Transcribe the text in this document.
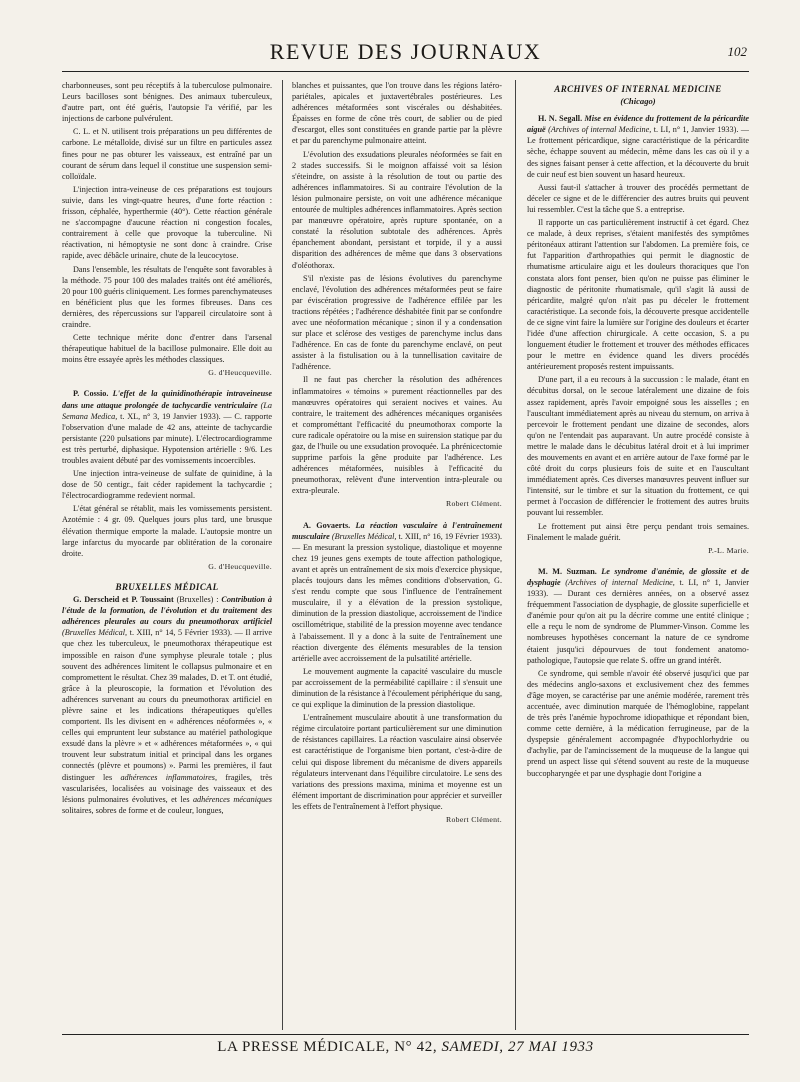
REVUE DES JOURNAUX	102

charbonneuses, sont peu réceptifs à la tuberculose pulmonaire. Leurs bacilloses sont bénignes. Des animaux tuberculeux, d'autre part, ont été guéris, l'autopsie l'a vérifié, par les injections de carbone pulvérulent.

C. L. et N. utilisent trois préparations un peu différentes de carbone. Le métalloïde, divisé sur un filtre en particules assez fines pour ne pas obturer les vaisseaux, est entraîné par un courant de sérum dans lequel il constitue une suspension semi-colloïdale.

L'injection intra-veineuse de ces préparations est toujours suivie, dans les vingt-quatre heures, d'une forte réaction : frisson, céphalée, hyperthermie (40°). Cette réaction générale ne s'accompagne d'aucune réaction ni congestion focales, contrairement à celle que provoque la tuberculine. Ni réactivation, ni hémoptysie ne sont donc à craindre. Crise rapide, avec débâcle urinaire, chute de la leucocytose.

Dans l'ensemble, les résultats de l'enquête sont favorables à la méthode. 75 pour 100 des malades traités ont été améliorés, 20 pour 100 guéris cliniquement. Les formes parenchymateuses en bénéficient plus que les formes fibreuses. Dans ces dernières, des répercussions sur l'appareil circulatoire sont à craindre.

Cette technique mérite donc d'entrer dans l'arsenal thérapeutique habituel de la bacillose pulmonaire. Elle doit au moins être essayée après les méthodes classiques.

G. d'Heucqueville.

P. Cossio. L'effet de la quinidinothérapie intraveineuse dans une attaque prolongée de tachycardie ventriculaire (La Semana Medica, t. XL, n° 3, 19 Janvier 1933). — C. rapporte l'observation d'une malade de 42 ans, atteinte de tachycardie persistante (220 pulsations par minute). L'électrocardiogramme est très perturbé, diphasique. Hypotension artérielle : 9/6. Les troubles avaient débuté par des vomissements incoercibles.

Une injection intra-veineuse de sulfate de quinidine, à la dose de 50 centigr., fait céder rapidement la tachycardie ; l'électrocardiogramme redevient normal.

L'état général se rétablit, mais les vomissements persistent. Azotémie : 4 gr. 09. Quelques jours plus tard, une brusque élévation thermique emporte la malade. L'autopsie montre un large infarctus du myocarde par oblitération de la coronaire droite.

G. d'Heucqueville.
BRUXELLES MÉDICAL

G. Derscheid et P. Toussaint (Bruxelles) : Contribution à l'étude de la formation, de l'évolution et du traitement des adhérences pleurales au cours du pneumothorax artificiel (Bruxelles Médical, t. XIII, n° 14, 5 Février 1933). — Il arrive que chez les tuberculeux, le pneumothorax thérapeutique est impossible en raison d'une symphyse pleurale totale ; plus souvent des adhérences limitent le collapsus pulmonaire et en compromettent le résultat. Chez 39 malades, D. et T. ont étudié, grâce à la pleuroscopie, la formation et l'évolution des adhérences survenant au cours du pneumothorax artificiel en plèvre saine et les indications thérapeutiques qu'elles comportent. Ils les divisent en « adhérences néoformées », « celles qui empruntent leur substance au matériel pathologique exsudé dans la plèvre » et « adhérences métaformées », « qui trouvent leur substratum initial et principal dans les organes connectés (plèvre et poumons) ». Parmi les premières, il faut distinguer les adhérences inflammatoires, fragiles, très vascularisées, localisées au voisinage des vaisseaux et des lésions pulmonaires évolutives, et les adhérences mécaniques solitaires, sobres de forme et de couleur, longues,

blanches et puissantes, que l'on trouve dans les régions latéro-pariétales, apicales et juxtavertébrales postérieures. Les adhérences métaformées sont viscérales ou déshabitées. Épaisses en forme de cône très court, de sablier ou de pied d'escargot, elles sont constituées en grande partie par la plèvre et par du parenchyme pulmonaire atteint.

L'évolution des exsudations pleurales néoformées se fait en 2 stades successifs. Si le moignon affaissé voit sa lésion s'éteindre, on assiste à la résolution de tout ou partie des adhérences inflammatoires. Si au contraire l'évolution de la lésion pulmonaire persiste, on voit une adhérence mécanique entourée de multiples adhérences inflammatoires. Après section par manœuvre opératoire, après rupture spontanée, on a constaté la résolution subtotale des adhérences. Après épanchement abondant, persistant et torpide, il y a aussi disparition des adhérences de même que dans 3 observations d'oléothorax.

S'il n'existe pas de lésions évolutives du parenchyme enclavé, l'évolution des adhérences métaformées peut se faire par éviscération progressive de l'adhérence effilée par les tractions répétées ; l'adhérence déshabitée finit par se confondre avec une néoformation mécanique ; sinon il y a condensation sur place et sclérose des vestiges de parenchyme inclus dans l'adhérence. En cas de fonte du parenchyme enclavé, on peut assister à la fistulisation ou à la tunnellisation cavitaire de l'adhérence.

Il ne faut pas chercher la résolution des adhérences inflammatoires « témoins » purement réactionnelles par des manœuvres opératoires qui seraient nocives et vaines. Au contraire, le traitement des adhérences mécaniques organisées et comprométtant l'efficacité du pneumothorax comporte la cure radicale opératoire ou la mise en suirension statique par du gaz, de l'huile ou une exsudation provoquée. La phrénicectomie supprime parfois la gêne produite par l'adhérence. Les adhérences métaformées, nuisibles à l'efficacité du pneumothorax, relèvent d'une intervention intra-pleurale ou extra-pleurale.

Robert Clément.

A. Govaerts. La réaction vasculaire à l'entraînement musculaire (Bruxelles Médical, t. XIII, n° 16, 19 Février 1933). — En mesurant la pression systolique, diastolique et moyenne chez 19 jeunes gens exempts de toute affection pathologique, avant et après un entraînement de six mois d'exercice physique, placés toujours dans les mêmes conditions d'observation, G. s'est rendu compte que sous l'influence de l'entraînement musculaire, il y a élévation de la pression systolique, diminution de la pression diastolique, accroissement de l'indice oscillométrique, stabilité de la pression moyenne avec tendance à l'abaissement. Il y a donc à la suite de l'entraînement une réaction divergente des éléments mesurables de la tension artérielle avec accroissement de la pulsatilité artérielle.

Le mouvement augmente la capacité vasculaire du muscle par accroissement de la perméabilité capillaire : il s'ensuit une diminution de la résistance à l'écoulement périphérique du sang, ce qui explique la diminution de la pression diastolique.

L'entraînement musculaire aboutit à une transformation du régime circulatoire portant particulièrement sur une diminution de résistances capillaires. La réaction vasculaire ainsi observée est caractéristique de l'organisme bien portant, c'est-à-dire de celui qui dispose librement du mécanisme de divers appareils régulateurs intervenant dans l'équilibre circulatoire. Le sens des variations des pressions maxima, minima et moyenne est un élément important de discrimination pour apprécier et surveiller les effets de l'entraînement à l'effort physique.

Robert Clément.
ARCHIVES OF INTERNAL MEDICINE
(Chicago)

H. N. Segall. Mise en évidence du frottement de la péricardite aiguë (Archives of internal Medicine, t. LI, n° 1, Janvier 1933). — Le frottement péricardique, signe caractéristique de la péricardite sèche, échappe souvent au médecin, même dans les cas où il y a des signes faisant penser à cette affection, et la découverte du bruit de cuir neuf est bien souvent un hasard heureux.

Aussi faut-il s'attacher à trouver des procédés permettant de déceler ce signe et de le différencier des autres bruits qui peuvent lui ressembler. C'est la tâche que S. a entreprise.

Il rapporte un cas particulièrement instructif à cet égard. Chez ce malade, à deux reprises, s'étaient manifestés des symptômes péritonéaux attirant l'attention sur l'abdomen. La première fois, ce fut l'apparition d'arthropathies qui permit le diagnostic de rhumatisme articulaire aigu et les douleurs thoraciques que l'on constata alors font penser, bien qu'on ne puisse pas éliminer le diagnostic de péritonite rhumatismale, qu'il s'agit là aussi de péricardite, malgré qu'on n'ait pas pu déceler le frottement caractéristique. La seconde fois, la découverte presque accidentelle de ce signe vint faire la lumière sur l'origine des douleurs et écarter l'idée d'une affection chirurgicale. A cette occasion, S. a pu longuement étudier le frottement et trouver des méthodes efficaces pour le mettre en évidence quand les divers procédés antérieurement proposés restent impuissants.

D'une part, il a eu recours à la succussion : le malade, étant en décubitus dorsal, on le secoue latéralement une dizaine de fois assez rapidement, après l'avoir empoigné sous les aisselles ; en l'auscultant immédiatement après au niveau du sternum, on arriva à percevoir le frottement pendant une dizaine de secondes, alors qu'on ne l'entendait pas auparavant. Un autre procédé consiste à mettre le malade dans le décubitus latéral droit et à lui imprimer des mouvements en avant et en arrière autour de l'axe formé par le côté droit du corps plusieurs fois de suite et en l'auscultant immédiatement après. Ces diverses manœuvres peuvent influer sur l'intensité, sur le timbre et sur la situation du frottement, ce qui permet à l'occasion de différencier le frottement des autres bruits pouvant lui ressembler.

Le frottement put ainsi être perçu pendant trois semaines. Finalement le malade guérit.

P.-L. Marie.

M. M. Suzman. Le syndrome d'anémie, de glossite et de dysphagie (Archives of internal Medicine, t. LI, n° 1, Janvier 1933). — Durant ces dernières années, on a observé assez fréquemment l'association de dysphagie, de glossite superficielle et d'anémie pour qu'on ait pu la décrire comme une entité clinique ; elle a reçu le nom de syndrome de Plummer-Vinson. Comme les nombreuses hypothèses concernant la nature de ce syndrome étaient jusqu'ici dépourvues de tout fondement anatomo-pathologique, l'autopsie que relate S. offre un grand intérêt.

Ce syndrome, qui semble n'avoir été observé jusqu'ici que par des médecins anglo-saxons et exclusivement chez des femmes d'âge moyen, se caractérise par une anémie modérée, rarement très accentuée, avec diminution marquée de l'hémoglobine, rappelant de très près l'anémie hypochrome idiopathique et répondant bien, comme cette dernière, à la médication ferrugineuse, par de la dyspepsie généralement accompagnée d'hypochlorhydrie ou d'achylie, par de l'amincissement de la muqueuse de la langue qui prend un aspect lisse qui s'étend souvent au reste de la muqueuse buccopharyngée et par une dysphagie dont l'origine a

LA PRESSE MÉDICALE, N° 42, SAMEDI, 27 MAI 1933
